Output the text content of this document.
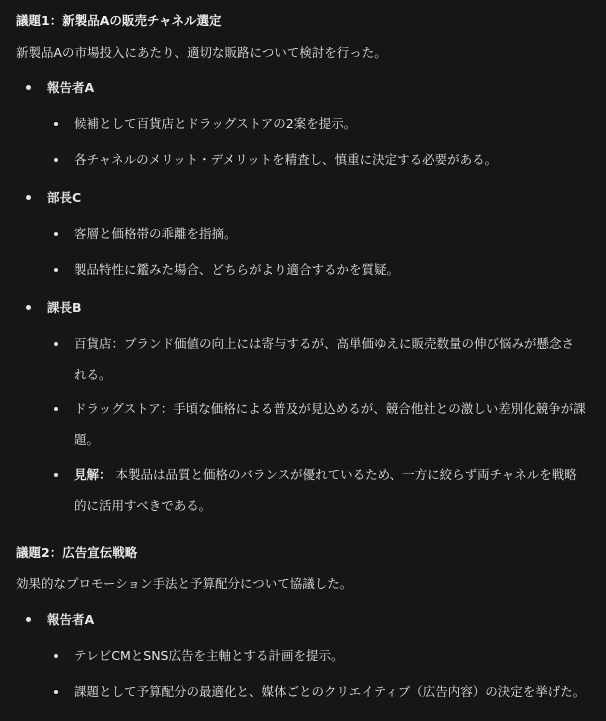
議題1：新製品Aの販売チャネル選定
新製品Aの市場投入にあたり、適切な販路について検討を行った。
報告者A
候補として百貨店とドラッグストアの2案を提示。
各チャネルのメリット・デメリットを精査し、慎重に決定する必要がある。
部長C
客層と価格帯の乖離を指摘。
製品特性に鑑みた場合、どちらがより適合するかを質疑。
課長B
百貨店：ブランド価値の向上には寄与するが、高単価ゆえに販売数量の伸び悩みが懸念される。
ドラッグストア：手頃な価格による普及が見込めるが、競合他社との激しい差別化競争が課題。
見解： 本製品は品質と価格のバランスが優れているため、一方に絞らず両チャネルを戦略的に活用すべきである。
議題2：広告宣伝戦略
効果的なプロモーション手法と予算配分について協議した。
報告者A
テレビCMとSNS広告を主軸とする計画を提示。
課題として予算配分の最適化と、媒体ごとのクリエイティブ（広告内容）の決定を挙げた。
